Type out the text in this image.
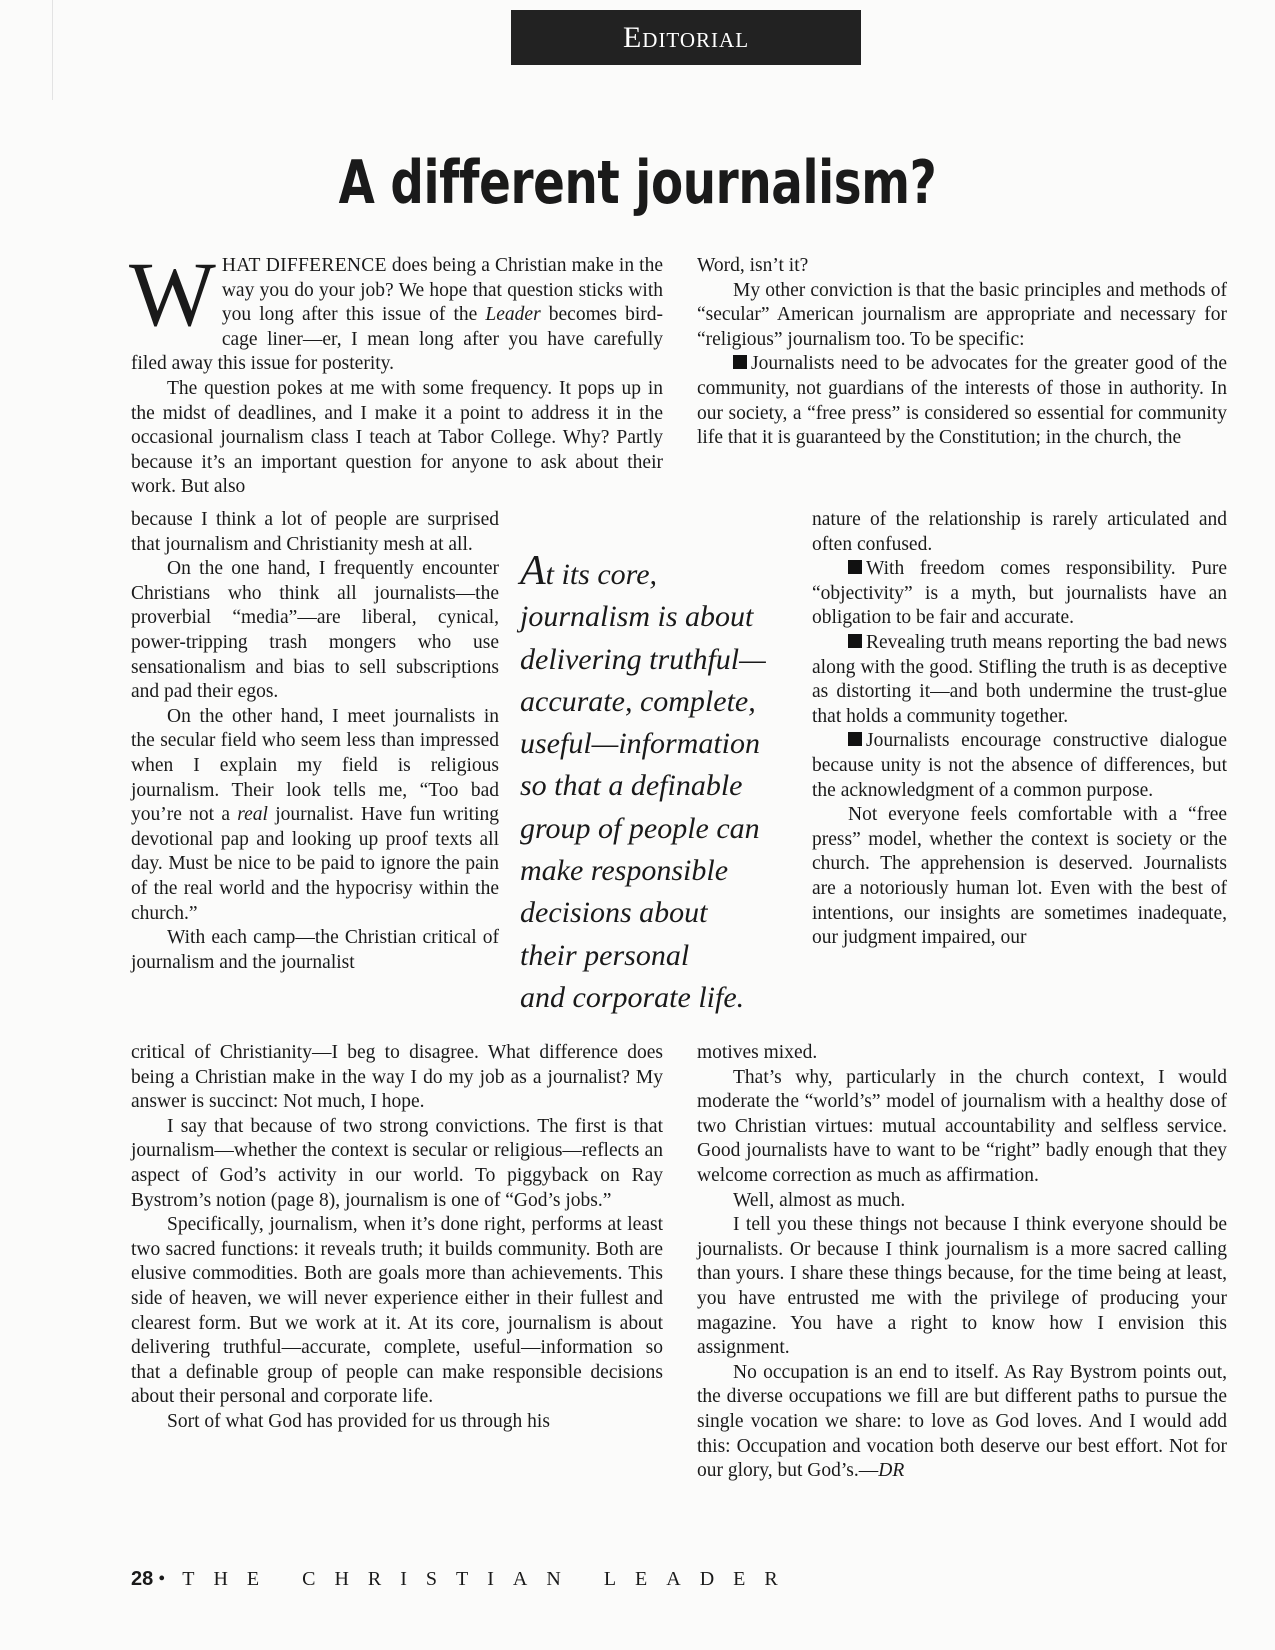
Editorial
A different journalism?

WHAT DIFFERENCE does being a Christian make in the way you do your job? We hope that question sticks with you long after this issue of the Leader becomes bird-cage liner—er, I mean long after you have carefully filed away this issue for posterity.

The question pokes at me with some frequency. It pops up in the midst of deadlines, and I make it a point to address it in the occasional journalism class I teach at Tabor College. Why? Partly because it’s an important question for anyone to ask about their work. But also

because I think a lot of people are surprised that journalism and Christianity mesh at all.

On the one hand, I frequently encounter Christians who think all journalists—the proverbial “media”—are liberal, cynical, power-tripping trash mongers who use sensationalism and bias to sell subscriptions and pad their egos.

On the other hand, I meet journalists in the secular field who seem less than impressed when I explain my field is religious journalism. Their look tells me, “Too bad you’re not a real journalist. Have fun writing devotional pap and looking up proof texts all day. Must be nice to be paid to ignore the pain of the real world and the hypocrisy within the church.”

With each camp—the Christian critical of journalism and the journalist

At its core,
journalism is about
delivering truthful—
accurate, complete,
useful—information
so that a definable
group of people can
make responsible
decisions about
their personal
and corporate life.

critical of Christianity—I beg to disagree. What difference does being a Christian make in the way I do my job as a journalist? My answer is succinct: Not much, I hope.

I say that because of two strong convictions. The first is that journalism—whether the context is secular or religious—reflects an aspect of God’s activity in our world. To piggyback on Ray Bystrom’s notion (page 8), journalism is one of “God’s jobs.”

Specifically, journalism, when it’s done right, performs at least two sacred functions: it reveals truth; it builds community. Both are elusive commodities. Both are goals more than achievements. This side of heaven, we will never experience either in their fullest and clearest form. But we work at it. At its core, journalism is about delivering truthful—accurate, complete, useful—information so that a definable group of people can make responsible decisions about their personal and corporate life.

Sort of what God has provided for us through his

Word, isn’t it?

My other conviction is that the basic principles and methods of “secular” American journalism are appropriate and necessary for “religious” journalism too. To be specific:

Journalists need to be advocates for the greater good of the community, not guardians of the interests of those in authority. In our society, a “free press” is considered so essential for community life that it is guaranteed by the Constitution; in the church, the

nature of the relationship is rarely articulated and often confused.

With freedom comes responsibility. Pure “objectivity” is a myth, but journalists have an obligation to be fair and accurate.

Revealing truth means reporting the bad news along with the good. Stifling the truth is as deceptive as distorting it—and both undermine the trust-glue that holds a community together.

Journalists encourage constructive dialogue because unity is not the absence of differences, but the acknowledgment of a common purpose.

Not everyone feels comfortable with a “free press” model, whether the context is society or the church. The apprehension is deserved. Journalists are a notoriously human lot. Even with the best of intentions, our insights are sometimes inadequate, our judgment impaired, our

motives mixed.

That’s why, particularly in the church context, I would moderate the “world’s” model of journalism with a healthy dose of two Christian virtues: mutual accountability and selfless service. Good journalists have to want to be “right” badly enough that they welcome correction as much as affirmation.

Well, almost as much.

I tell you these things not because I think everyone should be journalists. Or because I think journalism is a more sacred calling than yours. I share these things because, for the time being at least, you have entrusted me with the privilege of producing your magazine. You have a right to know how I envision this assignment.

No occupation is an end to itself. As Ray Bystrom points out, the diverse occupations we fill are but different paths to pursue the single vocation we share: to love as God loves. And I would add this: Occupation and vocation both deserve our best effort. Not for our glory, but God’s.—DR

28 • THE CHRISTIAN LEADER
